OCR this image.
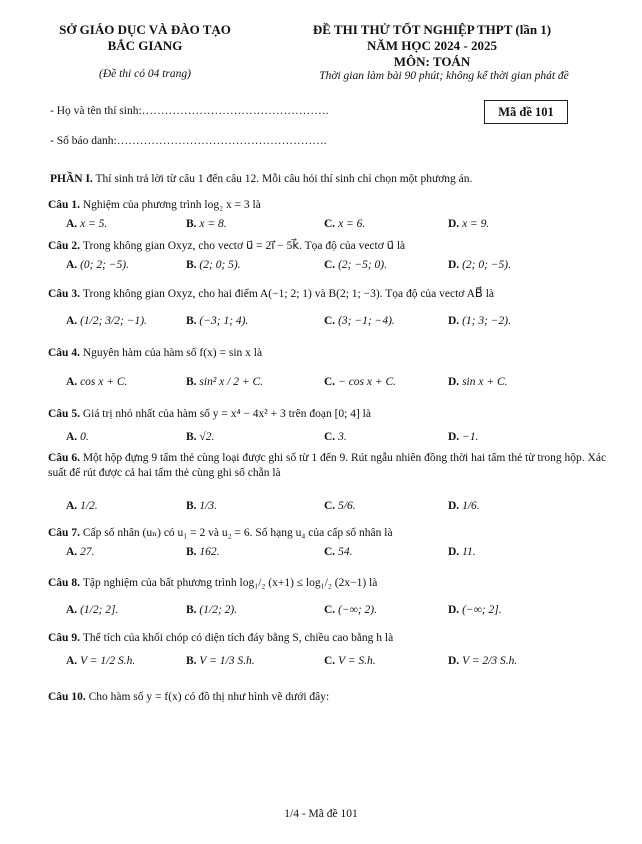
SỞ GIÁO DỤC VÀ ĐÀO TẠO
BẮC GIANG
(Đề thi có 04 trang)
ĐỀ THI THỬ TỐT NGHIỆP THPT (lần 1)
NĂM HỌC 2024 - 2025
MÔN: TOÁN
Thời gian làm bài 90 phút; không kể thời gian phát đề
- Họ và tên thí sinh:………………………………………….
- Số báo danh:……………………………………………….
Mã đề 101
PHẦN I. Thí sinh trả lời từ câu 1 đến câu 12. Mỗi câu hỏi thí sinh chỉ chọn một phương án.
Câu 1. Nghiệm của phương trình log₂ x = 3 là
A. x = 5.	B. x = 8.	C. x = 6.	D. x = 9.
Câu 2. Trong không gian Oxyz, cho vectơ u⃗ = 2i⃗ − 5k⃗. Tọa độ của vectơ u⃗ là
A. (0; 2; −5).	B. (2; 0; 5).	C. (2; −5; 0).	D. (2; 0; −5).
Câu 3. Trong không gian Oxyz, cho hai điểm A(−1; 2; 1) và B(2; 1; −3). Tọa độ của vectơ AB⃗ là
A. (1/2; 3/2; −1).	B. (−3; 1; 4).	C. (3; −1; −4).	D. (1; 3; −2).
Câu 4. Nguyên hàm của hàm số f(x) = sin x là
A. cos x + C.	B. sin² x / 2 + C.	C. − cos x + C.	D. sin x + C.
Câu 5. Giá trị nhỏ nhất của hàm số y = x⁴ − 4x² + 3 trên đoạn [0; 4] là
A. 0.	B. √2.	C. 3.	D. −1.
Câu 6. Một hộp đựng 9 tấm thẻ cùng loại được ghi số từ 1 đến 9. Rút ngẫu nhiên đồng thời hai tấm thẻ từ trong hộp. Xác suất để rút được cả hai tấm thẻ cùng ghi số chẵn là
A. 1/2.	B. 1/3.	C. 5/6.	D. 1/6.
Câu 7. Cấp số nhân (uₙ) có u₁ = 2 và u₂ = 6. Số hạng u₄ của cấp số nhân là
A. 27.	B. 162.	C. 54.	D. 11.
Câu 8. Tập nghiệm của bất phương trình log₁/₂ (x+1) ≤ log₁/₂ (2x−1) là
A. (1/2; 2].	B. (1/2; 2).	C. (−∞; 2).	D. (−∞; 2].
Câu 9. Thể tích của khối chóp có diện tích đáy bằng S, chiều cao bằng h là
A. V = 1/2 S.h.	B. V = 1/3 S.h.	C. V = S.h.	D. V = 2/3 S.h.
Câu 10. Cho hàm số y = f(x) có đồ thị như hình vẽ dưới đây:
1/4 - Mã đề 101
